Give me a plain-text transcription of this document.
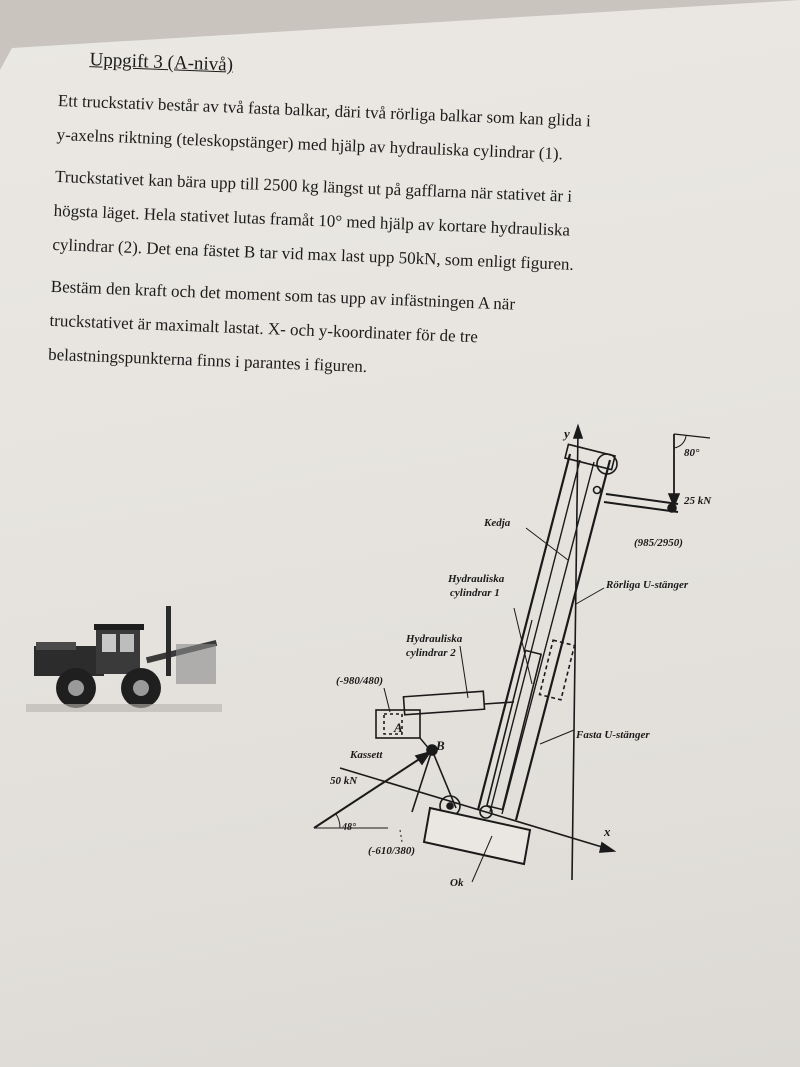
Uppgift 3 (A-nivå)
Ett truckstativ består av två fasta balkar, däri två rörliga balkar som kan glida i
y-axelns riktning (teleskopstänger) med hjälp av hydrauliska cylindrar (1).
Truckstativet kan bära upp till 2500 kg längst ut på gafflarna när stativet är i
högsta läget. Hela stativet lutas framåt 10° med hjälp av kortare hydrauliska
cylindrar (2). Det ena fästet B tar vid max last upp 50kN, som enligt figuren.
Bestäm den kraft och det moment som tas upp av infästningen A när
truckstativet är maximalt lastat. X- och y-koordinater för de tre
belastningspunkterna finns i parantes i figuren.
y
x
80°
25 kN
(985/2950)
Kedja
Hydrauliska
cylindrar 1
Rörliga U-stänger
Hydrauliska
cylindrar 2
(-980/480)
A
B
Kassett
Fasta U-stänger
50 kN
48°
(-610/380)
Ok
